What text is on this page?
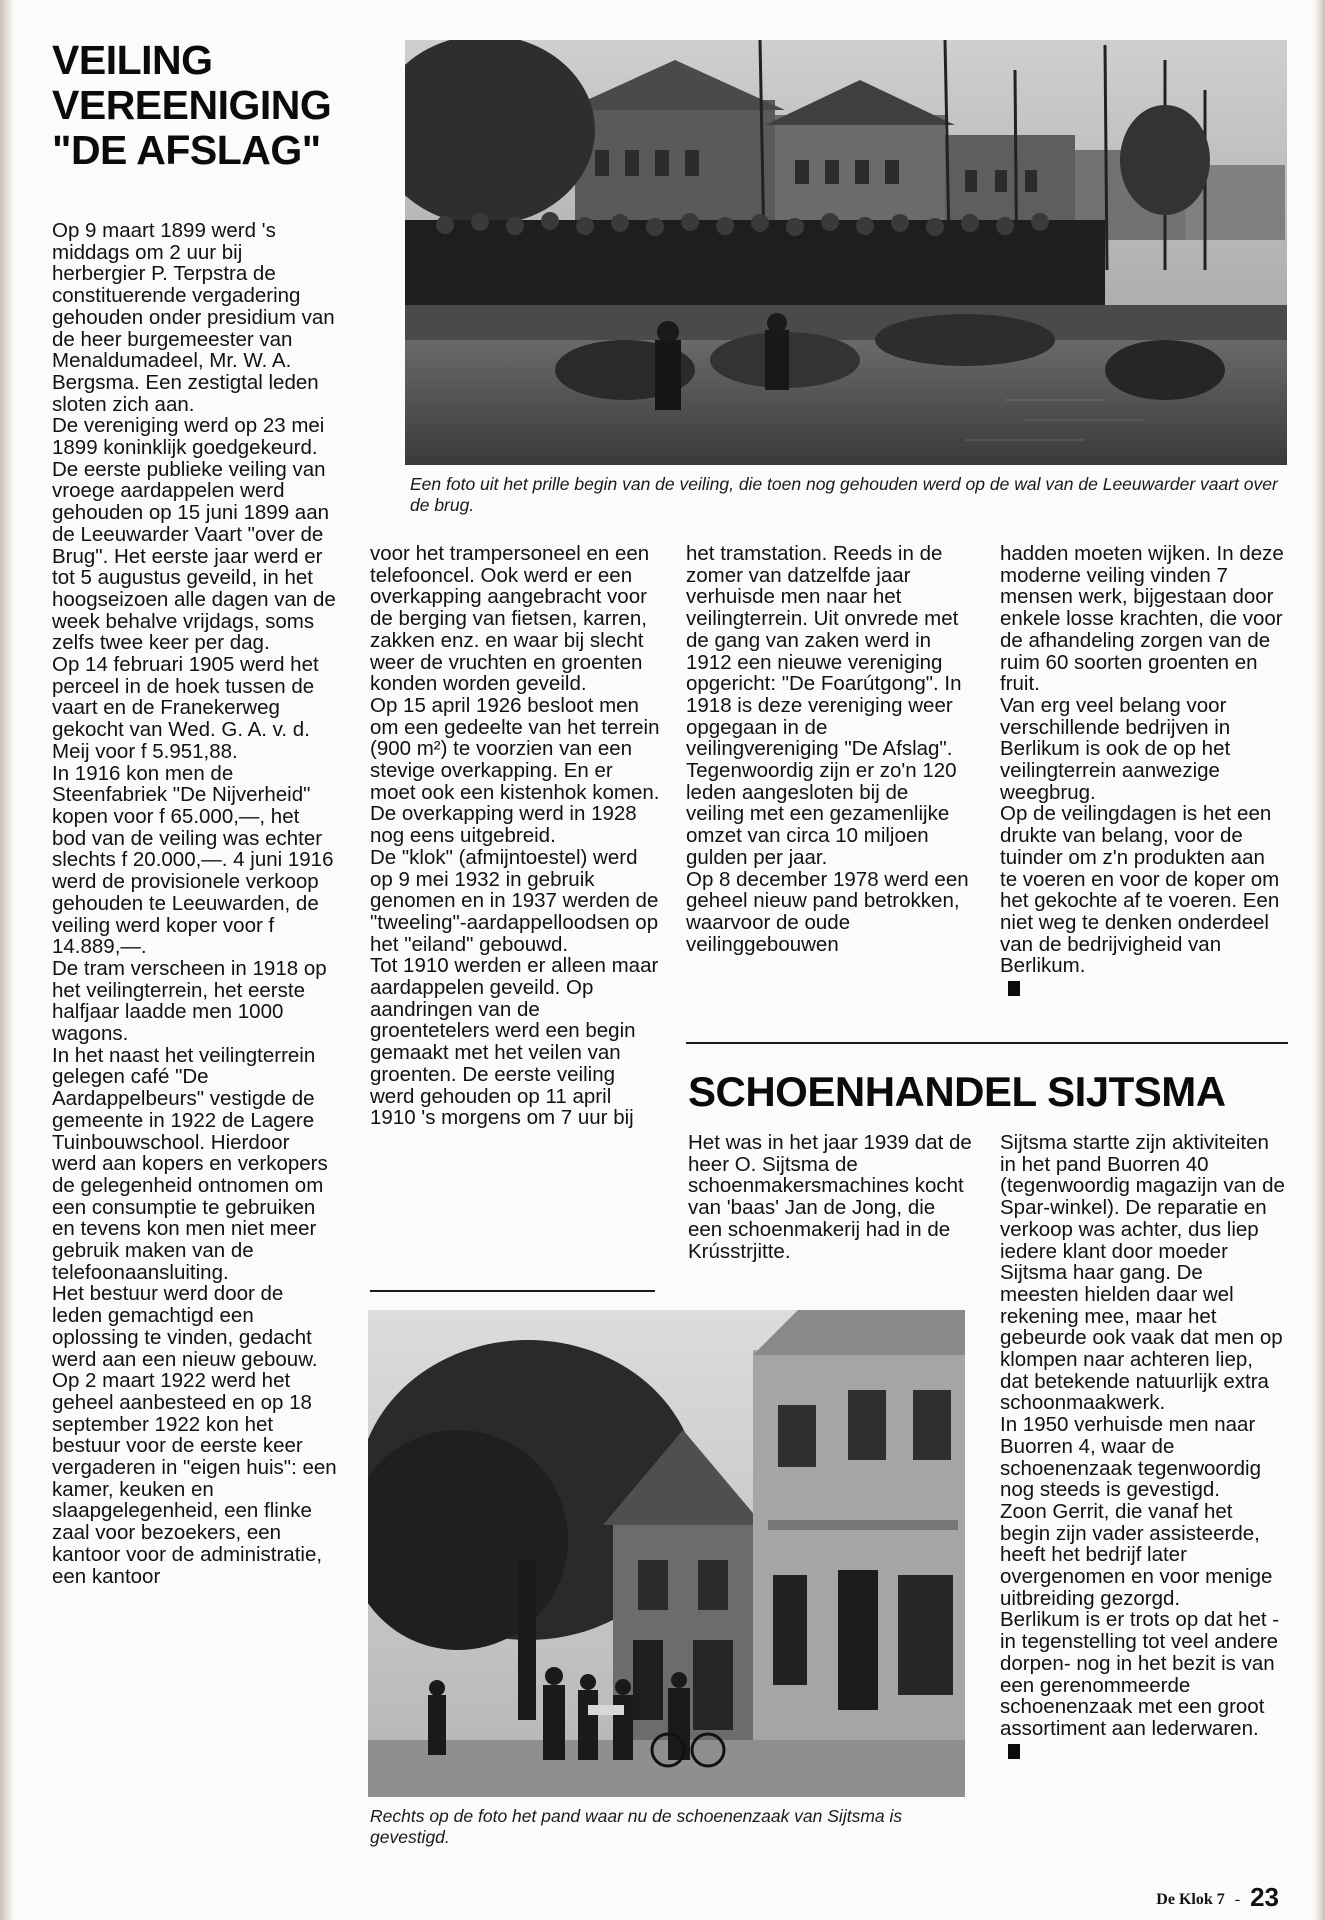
VEILING
VEREENIGING
"DE AFSLAG"
Een foto uit het prille begin van de veiling, die toen nog gehouden werd op de wal van de Leeuwarder vaart over de brug.

Op 9 maart 1899 werd 's middags om 2 uur bij herbergier P. Terpstra de constituerende vergadering gehouden onder presidium van de heer burgemeester van Menaldumadeel, Mr. W. A. Bergsma. Een zestigtal leden sloten zich aan.

De vereniging werd op 23 mei 1899 koninklijk goedgekeurd. De eerste publieke veiling van vroege aardappelen werd gehouden op 15 juni 1899 aan de Leeuwarder Vaart "over de Brug". Het eerste jaar werd er tot 5 augustus geveild, in het hoogseizoen alle dagen van de week behalve vrijdags, soms zelfs twee keer per dag.

Op 14 februari 1905 werd het perceel in de hoek tussen de vaart en de Franekerweg gekocht van Wed. G. A. v. d. Meij voor f 5.951,88.

In 1916 kon men de Steenfabriek "De Nijverheid" kopen voor f 65.000,—, het bod van de veiling was echter slechts f 20.000,—. 4 juni 1916 werd de provisionele verkoop gehouden te Leeuwarden, de veiling werd koper voor f 14.889,—.

De tram verscheen in 1918 op het veilingterrein, het eerste halfjaar laadde men 1000 wagons.

In het naast het veilingterrein gelegen café "De Aardappelbeurs" vestigde de gemeente in 1922 de Lagere Tuinbouwschool. Hierdoor werd aan kopers en verkopers de gelegenheid ontnomen om een consumptie te gebruiken en tevens kon men niet meer gebruik maken van de telefoonaansluiting.

Het bestuur werd door de leden gemachtigd een oplossing te vinden, gedacht werd aan een nieuw gebouw. Op 2 maart 1922 werd het geheel aanbesteed en op 18 september 1922 kon het bestuur voor de eerste keer vergaderen in "eigen huis": een kamer, keuken en slaapgelegenheid, een flinke zaal voor bezoekers, een kantoor voor de administratie, een kantoor

voor het trampersoneel en een telefooncel. Ook werd er een overkapping aangebracht voor de berging van fietsen, karren, zakken enz. en waar bij slecht weer de vruchten en groenten konden worden geveild.

Op 15 april 1926 besloot men om een gedeelte van het terrein (900 m²) te voorzien van een stevige overkapping. En er moet ook een kistenhok komen. De overkapping werd in 1928 nog eens uitgebreid.

De "klok" (afmijntoestel) werd op 9 mei 1932 in gebruik genomen en in 1937 werden de "tweeling"-aardappelloodsen op het "eiland" gebouwd.

Tot 1910 werden er alleen maar aardappelen geveild. Op aandringen van de groentetelers werd een begin gemaakt met het veilen van groenten. De eerste veiling werd gehouden op 11 april 1910 's morgens om 7 uur bij

het tramstation. Reeds in de zomer van datzelfde jaar verhuisde men naar het veilingterrein. Uit onvrede met de gang van zaken werd in 1912 een nieuwe vereniging opgericht: "De Foarútgong". In 1918 is deze vereniging weer opgegaan in de veilingvereniging "De Afslag".

Tegenwoordig zijn er zo'n 120 leden aangesloten bij de veiling met een gezamenlijke omzet van circa 10 miljoen gulden per jaar.

Op 8 december 1978 werd een geheel nieuw pand betrokken, waarvoor de oude veilinggebouwen

hadden moeten wijken. In deze moderne veiling vinden 7 mensen werk, bijgestaan door enkele losse krachten, die voor de afhandeling zorgen van de ruim 60 soorten groenten en fruit.

Van erg veel belang voor verschillende bedrijven in Berlikum is ook de op het veilingterrein aanwezige weegbrug.

Op de veilingdagen is het een drukte van belang, voor de tuinder om z'n produkten aan te voeren en voor de koper om het gekochte af te voeren. Een niet weg te denken onderdeel van de bedrijvigheid van Berlikum.

SCHOENHANDEL SIJTSMA

Het was in het jaar 1939 dat de heer O. Sijtsma de schoenmakersmachines kocht van 'baas' Jan de Jong, die een schoenmakerij had in de Krússtrjitte.

Sijtsma startte zijn aktiviteiten in het pand Buorren 40 (tegenwoordig magazijn van de Spar-winkel). De reparatie en verkoop was achter, dus liep iedere klant door moeder Sijtsma haar gang. De meesten hielden daar wel rekening mee, maar het gebeurde ook vaak dat men op klompen naar achteren liep, dat betekende natuurlijk extra schoonmaakwerk.

In 1950 verhuisde men naar Buorren 4, waar de schoenenzaak tegenwoordig nog steeds is gevestigd.

Zoon Gerrit, die vanaf het begin zijn vader assisteerde, heeft het bedrijf later overgenomen en voor menige uitbreiding gezorgd.

Berlikum is er trots op dat het -in tegenstelling tot veel andere dorpen- nog in het bezit is van een gerenommeerde schoenenzaak met een groot assortiment aan lederwaren.

Rechts op de foto het pand waar nu de schoenenzaak van Sijtsma is gevestigd.
De Klok 7 - 23
